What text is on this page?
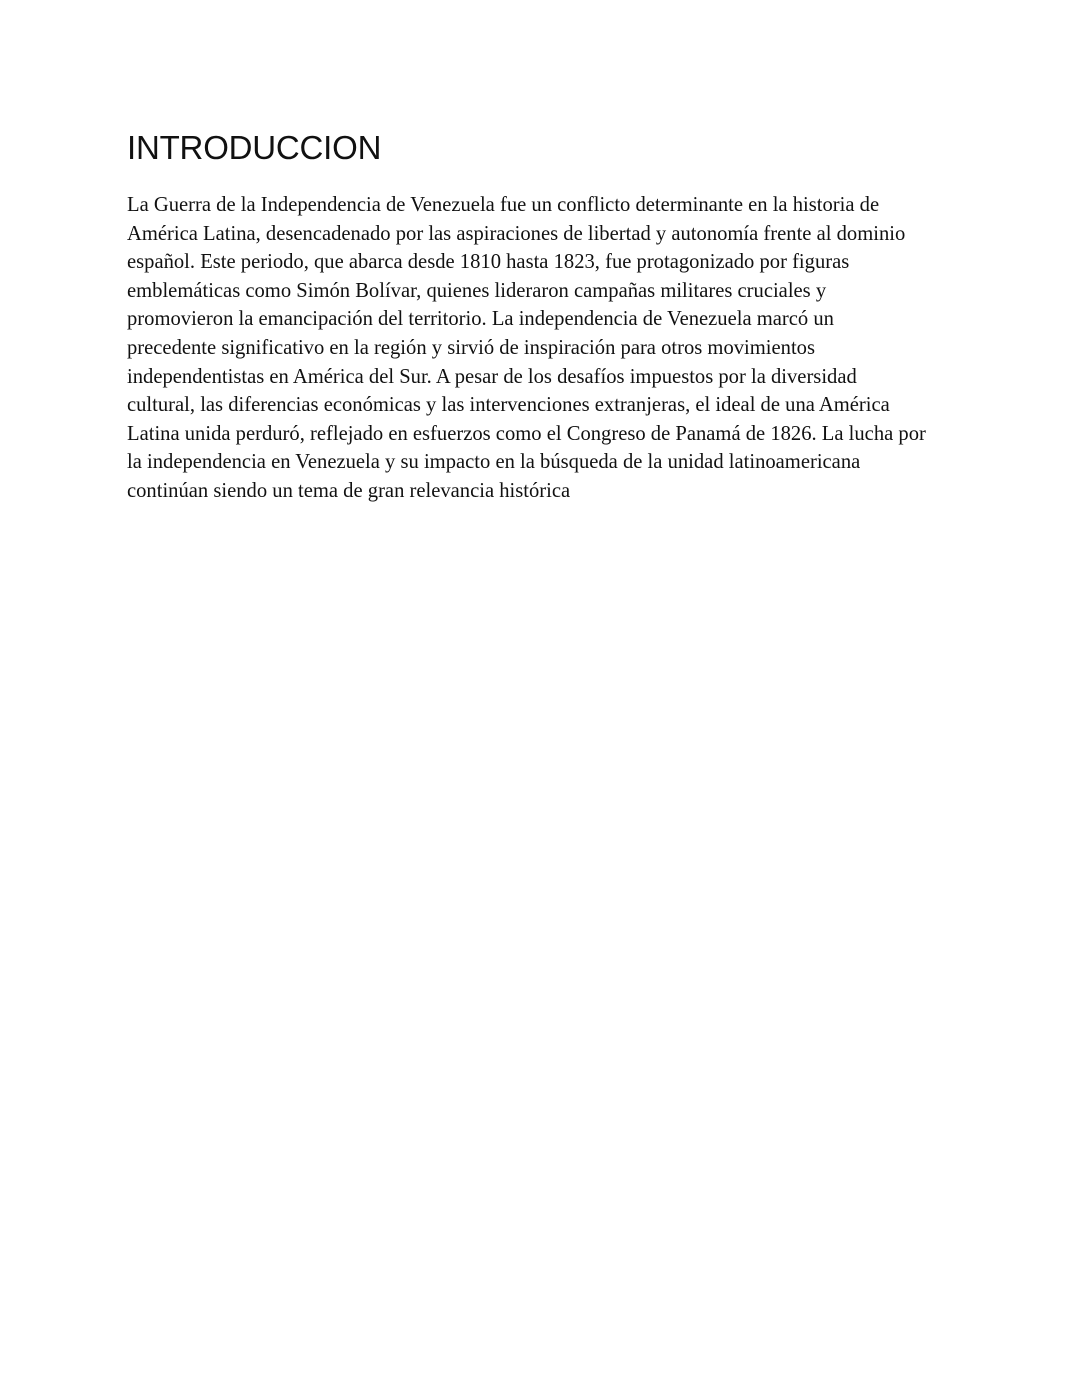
INTRODUCCION
La Guerra de la Independencia de Venezuela fue un conflicto determinante en la historia de
América Latina, desencadenado por las aspiraciones de libertad y autonomía frente al dominio
español. Este periodo, que abarca desde 1810 hasta 1823, fue protagonizado por figuras
emblemáticas como Simón Bolívar, quienes lideraron campañas militares cruciales y
promovieron la emancipación del territorio. La independencia de Venezuela marcó un
precedente significativo en la región y sirvió de inspiración para otros movimientos
independentistas en América del Sur. A pesar de los desafíos impuestos por la diversidad
cultural, las diferencias económicas y las intervenciones extranjeras, el ideal de una América
Latina unida perduró, reflejado en esfuerzos como el Congreso de Panamá de 1826. La lucha por
la independencia en Venezuela y su impacto en la búsqueda de la unidad latinoamericana
continúan siendo un tema de gran relevancia histórica
